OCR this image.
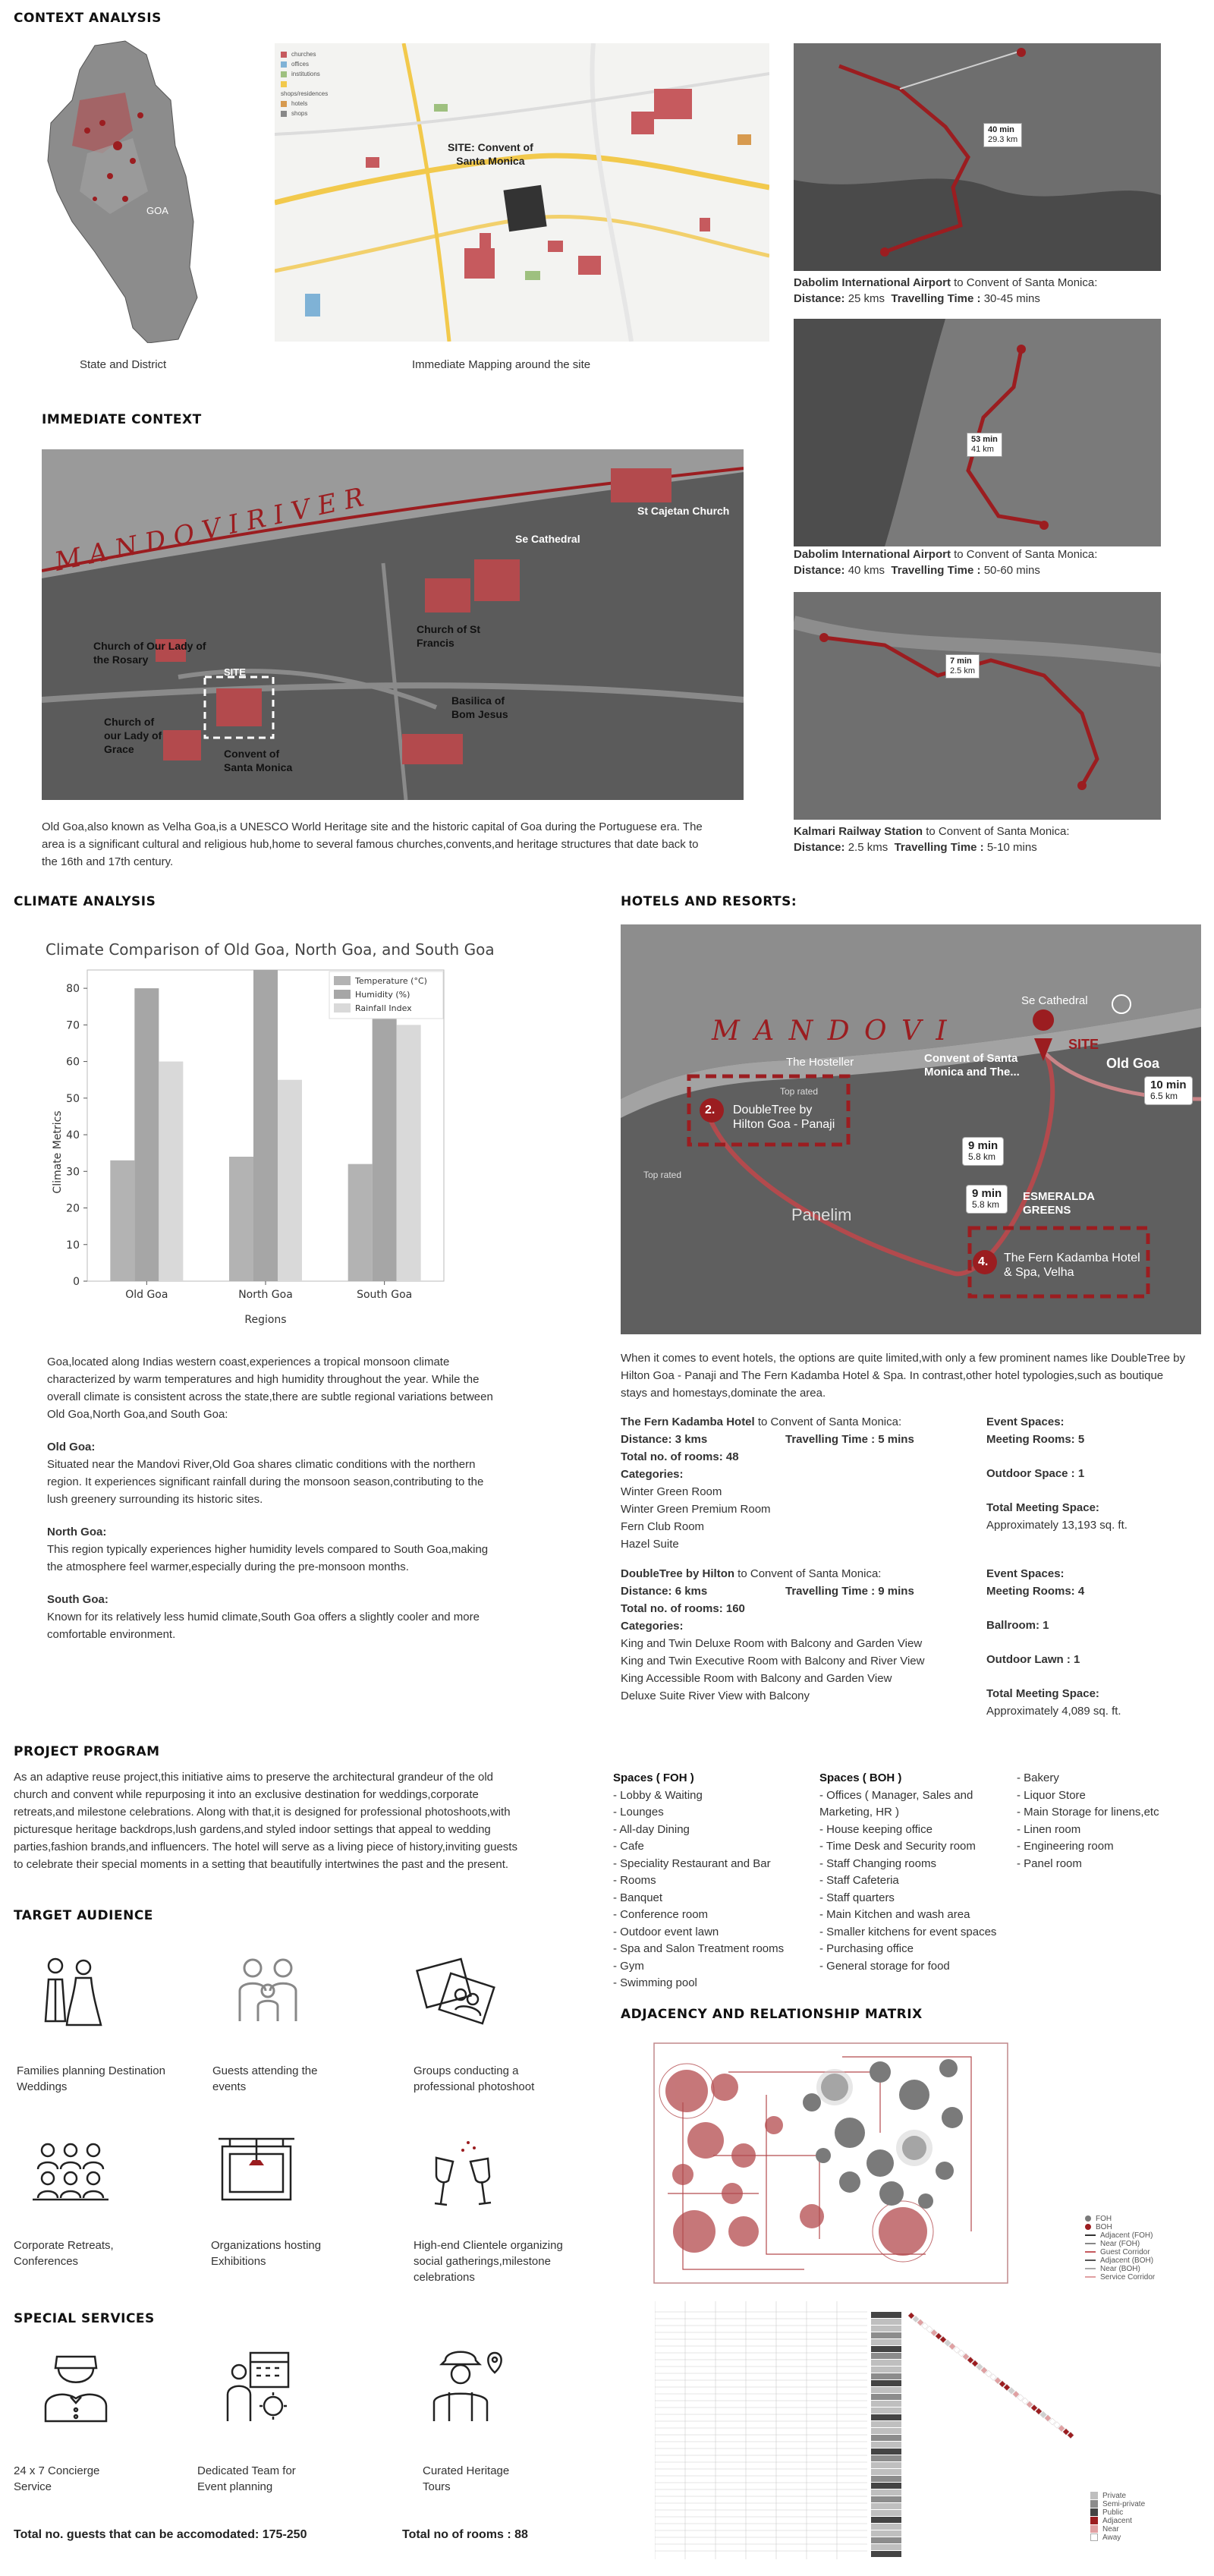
CONTEXT ANALYSIS
GOA
State and District
churches
offices
institutions
shops/residences
hotels
shops
SITE: Convent of
Santa Monica
Immediate Mapping around the site
40 min
29.3 km
Dabolim International Airport to Convent of Santa Monica:
Distance: 25 kms Travelling Time : 30-45 mins
53 min
41 km
Dabolim International Airport to Convent of Santa Monica:
Distance: 40 kms Travelling Time : 50-60 mins
7 min
2.5 km
Kalmari Railway Station to Convent of Santa Monica:
Distance: 2.5 kms Travelling Time : 5-10 mins
IMMEDIATE CONTEXT
SITE
M A N D O V I R I V E R	Se Cathedral
St Cajetan Church
Church of Our Lady of the Rosary
Church of St Francis
Church of our Lady of Grace	Convent of Santa Monica
Basilica of Bom Jesus
Old Goa,also known as Velha Goa,is a UNESCO World Heritage site and the historic capital of Goa during the Portuguese era. The area is a significant cultural and religious hub,home to several famous churches,convents,and heritage structures that date back to the 16th and 17th century.
CLIMATE ANALYSIS
Climate Comparison of Old Goa, North Goa, and South Goa
Climate Metrics
Regions
0
10
20
30
40
50
60
70
80
Old Goa	North Goa	South Goa
Temperature (°C)
Humidity (%)
Rainfall Index
Goa,located along Indias western coast,experiences a tropical monsoon climate characterized by warm temperatures and high humidity throughout the year. While the overall climate is consistent across the state,there are subtle regional variations between Old Goa,North Goa,and South Goa:
Old Goa:
Situated near the Mandovi River,Old Goa shares climatic conditions with the northern region. It experiences significant rainfall during the monsoon season,contributing to the lush greenery surrounding its historic sites.
North Goa:
This region typically experiences higher humidity levels compared to South Goa,making the atmosphere feel warmer,especially during the pre-monsoon months.
South Goa:
Known for its relatively less humid climate,South Goa offers a slightly cooler and more comfortable environment.
HOTELS AND RESORTS:
M A N D O V I
Se Cathedral
Convent of Santa Monica and The...
SITE
Old Goa
The Hosteller
Top rated
Top rated
DoubleTree by Hilton Goa - Panaji
The Fern Kadamba Hotel & Spa, Velha
2.
4.
ESMERALDA GREENS
Panelim
9 min
5.8 km
9 min
5.8 km
10 min
6.5 km
When it comes to event hotels, the options are quite limited,with only a few prominent names like DoubleTree by Hilton Goa - Panaji and The Fern Kadamba Hotel & Spa. In contrast,other hotel typologies,such as boutique stays and homestays,dominate the area.
The Fern Kadamba Hotel to Convent of Santa Monica:
Distance: 3 kms
Total no. of rooms: 48
Categories:
Winter Green Room
Winter Green Premium Room
Fern Club Room
Hazel Suite
Travelling Time : 5 mins
Event Spaces:
Meeting Rooms: 5
Outdoor Space : 1
Total Meeting Space:
Approximately 13,193 sq. ft.
DoubleTree by Hilton to Convent of Santa Monica:
Distance: 6 kms
Total no. of rooms: 160
Categories:
King and Twin Deluxe Room with Balcony and Garden View
King and Twin Executive Room with Balcony and River View
King Accessible Room with Balcony and Garden View
Deluxe Suite River View with Balcony
Travelling Time : 9 mins
Event Spaces:
Meeting Rooms: 4
Ballroom: 1
Outdoor Lawn : 1
Total Meeting Space:
Approximately 4,089 sq. ft.
PROJECT PROGRAM
As an adaptive reuse project,this initiative aims to preserve the architectural grandeur of the old church and convent while repurposing it into an exclusive destination for weddings,corporate retreats,and milestone celebrations. Along with that,it is designed for professional photoshoots,with picturesque heritage backdrops,lush gardens,and styled indoor settings that appeal to wedding parties,fashion brands,and influencers. The hotel will serve as a living piece of history,inviting guests to celebrate their special moments in a setting that beautifully intertwines the past and the present.
Spaces ( FOH )
- Lobby & Waiting
- Lounges
- All-day Dining
- Cafe
- Speciality Restaurant and Bar
- Rooms
- Banquet
- Conference room
- Outdoor event lawn
- Spa and Salon Treatment rooms
- Gym
- Swimming pool
Spaces ( BOH )
- Offices ( Manager, Sales and Marketing, HR )
- House keeping office
- Time Desk and Security room
- Staff Changing rooms
- Staff Cafeteria
- Staff quarters
- Main Kitchen and wash area
- Smaller kitchens for event spaces
- Purchasing office
- General storage for food
- Bakery
- Liquor Store
- Main Storage for linens,etc
- Linen room
- Engineering room
- Panel room
TARGET AUDIENCE
Families planning Destination Weddings
Guests attending the events
Groups conducting a professional photoshoot
Corporate Retreats, Conferences
Organizations hosting Exhibitions
High-end Clientele organizing social gatherings,milestone celebrations
SPECIAL SERVICES
24 x 7 Concierge Service
Dedicated Team for Event planning
Curated Heritage Tours
Total no. guests that can be accomodated: 175-250	Total no of rooms : 88
ADJACENCY AND RELATIONSHIP MATRIX
FOH
BOH
Adjacent (FOH)
Near (FOH)
Guest Corridor
Adjacent (BOH)
Near (BOH)
Service Corridor
Private
Semi-private
Public
Adjacent
Near
Away
